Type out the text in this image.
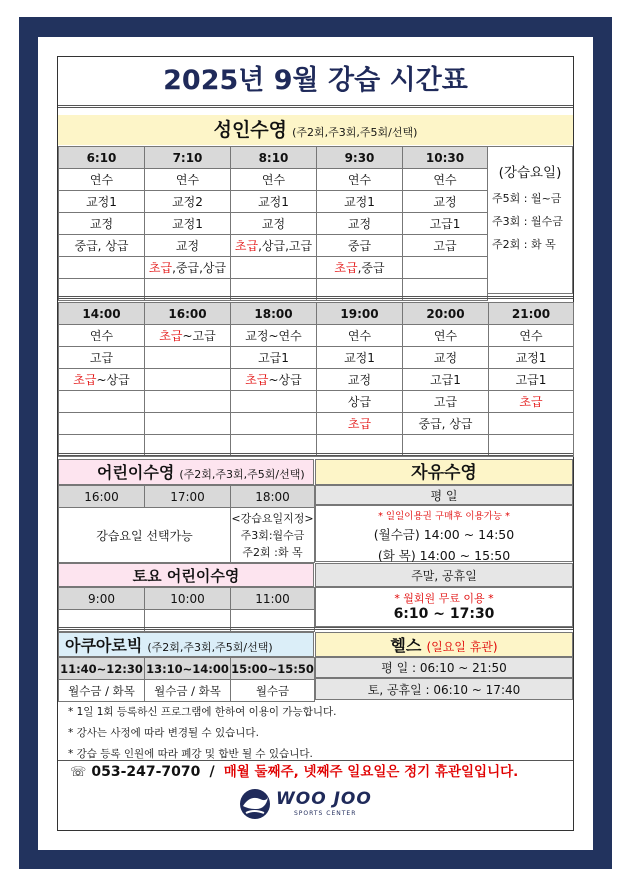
2025년 9월 강습 시간표
성인수영 (주2회,주3회,주5회/선택)
6:10	7:10	8:10	9:30	10:30
연수	연수	연수	연수	연수
교정1	교정2	교정1	교정1	교정
교정	교정1	교정	교정	고급1
중급, 상급	교정	초급,상급,고급	중급	고급
	초급,중급,상급		초급,중급	

(강습요일)
주5회 : 월~금
주3회 : 월수금
주2회 : 화 목
14:00	16:00	18:00	19:00	20:00	21:00
연수	초급~고급	교정~연수	연수	연수	연수
고급		고급1	교정1	교정	교정1
초급~상급		초급~상급	교정	고급1	고급1
			상급	고급	초급
			초급	중급, 상급	

어린이수영 (주2회,주3회,주5회/선택)
16:00	17:00	18:00
강습요일 선택가능		<강습요일지정>
주3회:월수금
주2회 :화 목
토요 어린이수영
9:00	10:00	11:00

자유수영
평 일
* 일일이용권 구매후 이용가능 *
(월수금) 14:00 ~ 14:50
(화 목) 14:00 ~ 15:50
주말, 공휴일
* 월회원 무료 이용 *
6:10 ~ 17:30
아쿠아로빅 (주2회,주3회,주5회/선택)
11:40~12:30	13:10~14:00	15:00~15:50
월수금 / 화목	월수금 / 화목	월수금
헬스 (일요일 휴관)
평 일 : 06:10 ~ 21:50
토, 공휴일 : 06:10 ~ 17:40
* 1일 1회 등록하신 프로그램에 한하여 이용이 가능합니다.
* 강사는 사정에 따라 변경될 수 있습니다.
* 강습 등록 인원에 따라 폐강 및 합반 될 수 있습니다.
☏ 053-247-7070 / 매월 둘째주, 넷째주 일요일은 정기 휴관일입니다.
WOO JOO
SPORTS CENTER
